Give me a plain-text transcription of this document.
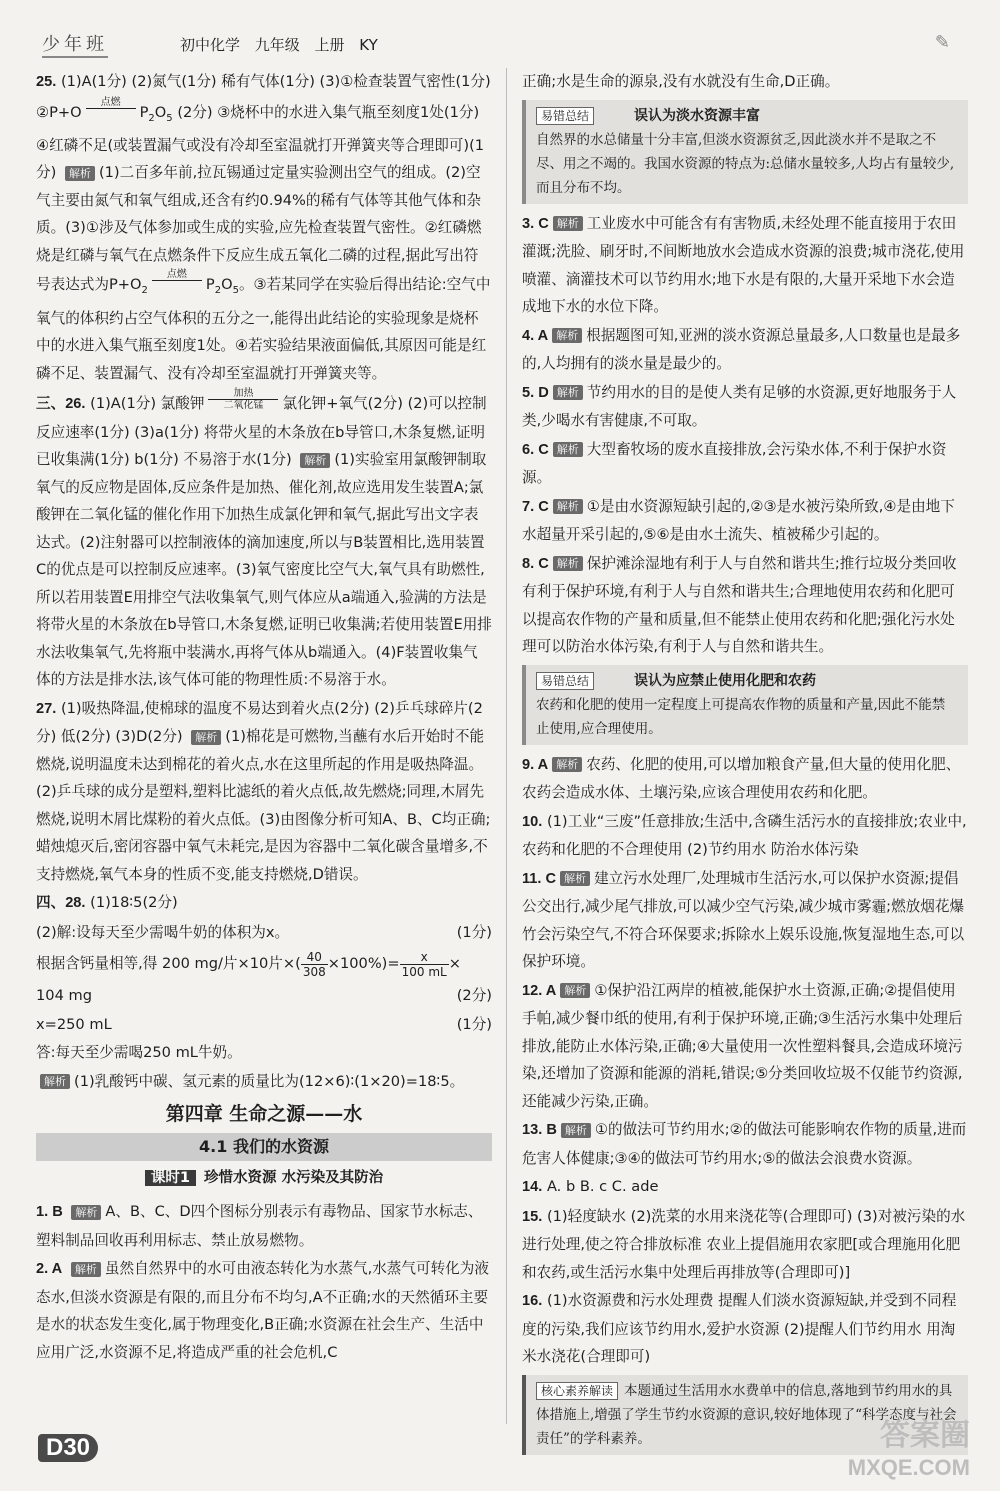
少年班	初中化学 九年级 上册 KY	✎
25. (1)A(1分) (2)氮气(1分) 稀有气体(1分) (3)①检查装置气密性(1分) ②P+O
点燃

$P_2O_5$ (2分) ③烧杯中的水进入集气瓶至刻度1处(1分) ④红磷不足(或装置漏气或没有冷却至室温就打开弹簧夹等合理即可)(1分) 解析 (1)二百多年前,拉瓦锡通过定量实验测出空气的组成。(2)空气主要由氮气和氧气组成,还含有约0.94%的稀有气体等其他气体和杂质。(3)①涉及气体参加或生成的实验,应先检查装置气密性。②红磷燃烧是红磷与氧气在点燃条件下反应生成五氧化二磷的过程,据此写出符号表达式为$P+O_2$
点燃

$P_2O_5$。③若某同学在实验后得出结论:空气中氧气的体积约占空气体积的五分之一,能得出此结论的实验现象是烧杯中的水进入集气瓶至刻度1处。④若实验结果液面偏低,其原因可能是红磷不足、装置漏气、没有冷却至室温就打开弹簧夹等。
三、26. (1)A(1分) 氯酸钾
加热
二氧化锰	氯化钾+氧气(2分) (2)可以控制反应速率(1分) (3)a(1分) 将带火星的木条放在b导管口,木条复燃,证明已收集满(1分) b(1分) 不易溶于水(1分) 解析 (1)实验室用氯酸钾制取氧气的反应物是固体,反应条件是加热、催化剂,故应选用发生装置A;氯酸钾在二氧化锰的催化作用下加热生成氯化钾和氧气,据此写出文字表达式。(2)注射器可以控制液体的滴加速度,所以与B装置相比,选用装置C的优点是可以控制反应速率。(3)氧气密度比空气大,氧气具有助燃性,所以若用装置E用排空气法收集氧气,则气体应从a端通入,验满的方法是将带火星的木条放在b导管口,木条复燃,证明已收集满;若使用装置E用排水法收集氧气,先将瓶中装满水,再将气体从b端通入。(4)F装置收集气体的方法是排水法,该气体可能的物理性质:不易溶于水。
27. (1)吸热降温,使棉球的温度不易达到着火点(2分) (2)乒乓球碎片(2分) 低(2分) (3)D(2分) 解析 (1)棉花是可燃物,当蘸有水后开始时不能燃烧,说明温度未达到棉花的着火点,水在这里所起的作用是吸热降温。(2)乒乓球的成分是塑料,塑料比滤纸的着火点低,故先燃烧;同理,木屑先燃烧,说明木屑比煤粉的着火点低。(3)由图像分析可知A、B、C均正确;蜡烛熄灭后,密闭容器中氧气未耗完,是因为容器中二氧化碳含量增多,不支持燃烧,氧气本身的性质不变,能支持燃烧,D错误。
四、28. (1)18∶5(2分)
(2)解:设每天至少需喝牛奶的体积为x。	(1分)
根据含钙量相等,得 200 mg/片×10片×( $\frac{40}{308} \times 100\%)= \frac{x}{100 mL}$ ×
104 mg	(2分)
x=250 mL	(1分)
答:每天至少需喝250 mL牛奶。
解析 (1)乳酸钙中碳、氢元素的质量比为(12×6)∶(1×20)=18∶5。
第四章 生命之源——水
4.1 我们的水资源
课时1 珍惜水资源 水污染及其防治
1. B 解析 A、B、C、D四个图标分别表示有毒物品、国家节水标志、塑料制品回收再利用标志、禁止放易燃物。
2. A 解析 虽然自然界中的水可由液态转化为水蒸气,水蒸气可转化为液态水,但淡水资源是有限的,而且分布不均匀,A不正确;水的天然循环主要是水的状态发生变化,属于物理变化,B正确;水资源在社会生产、生活中应用广泛,水资源不足,将造成严重的社会危机,C
正确;水是生命的源泉,没有水就没有生命,D正确。
易错总结	误认为淡水资源丰富
自然界的水总储量十分丰富,但淡水资源贫乏,因此淡水并不是取之不尽、用之不竭的。我国水资源的特点为:总储水量较多,人均占有量较少,而且分布不均。
3. C 解析 工业废水中可能含有有害物质,未经处理不能直接用于农田灌溉;洗脸、刷牙时,不间断地放水会造成水资源的浪费;城市浇花,使用喷灌、滴灌技术可以节约用水;地下水是有限的,大量开采地下水会造成地下水的水位下降。
4. A 解析 根据题图可知,亚洲的淡水资源总量最多,人口数量也是最多的,人均拥有的淡水量是最少的。
5. D 解析 节约用水的目的是使人类有足够的水资源,更好地服务于人类,少喝水有害健康,不可取。
6. C 解析 大型畜牧场的废水直接排放,会污染水体,不利于保护水资源。
7. C 解析 ①是由水资源短缺引起的,②③是水被污染所致,④是由地下水超量开采引起的,⑤⑥是由水土流失、植被稀少引起的。
8. C 解析 保护滩涂湿地有利于人与自然和谐共生;推行垃圾分类回收有利于保护环境,有利于人与自然和谐共生;合理地使用农药和化肥可以提高农作物的产量和质量,但不能禁止使用农药和化肥;强化污水处理可以防治水体污染,有利于人与自然和谐共生。
易错总结	误认为应禁止使用化肥和农药
农药和化肥的使用一定程度上可提高农作物的质量和产量,因此不能禁止使用,应合理使用。
9. A 解析 农药、化肥的使用,可以增加粮食产量,但大量的使用化肥、农药会造成水体、土壤污染,应该合理使用农药和化肥。
10. (1)工业“三废”任意排放;生活中,含磷生活污水的直接排放;农业中,农药和化肥的不合理使用 (2)节约用水 防治水体污染
11. C 解析 建立污水处理厂,处理城市生活污水,可以保护水资源;提倡公交出行,减少尾气排放,可以减少空气污染,减少城市雾霾;燃放烟花爆竹会污染空气,不符合环保要求;拆除水上娱乐设施,恢复湿地生态,可以保护环境。
12. A 解析 ①保护沿江两岸的植被,能保护水土资源,正确;②提倡使用手帕,减少餐巾纸的使用,有利于保护环境,正确;③生活污水集中处理后排放,能防止水体污染,正确;④大量使用一次性塑料餐具,会造成环境污染,还增加了资源和能源的消耗,错误;⑤分类回收垃圾不仅能节约资源,还能减少污染,正确。
13. B 解析 ①的做法可节约用水;②的做法可能影响农作物的质量,进而危害人体健康;③④的做法可节约用水;⑤的做法会浪费水资源。
14. A. b B. c C. ade
15. (1)轻度缺水 (2)洗菜的水用来浇花等(合理即可) (3)对被污染的水进行处理,使之符合排放标准 农业上提倡施用农家肥[或合理施用化肥和农药,或生活污水集中处理后再排放等(合理即可)]
16. (1)水资源费和污水处理费 提醒人们淡水资源短缺,并受到不同程度的污染,我们应该节约用水,爱护水资源 (2)提醒人们节约用水 用淘米水浇花(合理即可)
核心素养解读 本题通过生活用水水费单中的信息,落地到节约用水的具体措施上,增强了学生节约水资源的意识,较好地体现了“科学态度与社会责任”的学科素养。
D30	答案圈
MXQE.COM
